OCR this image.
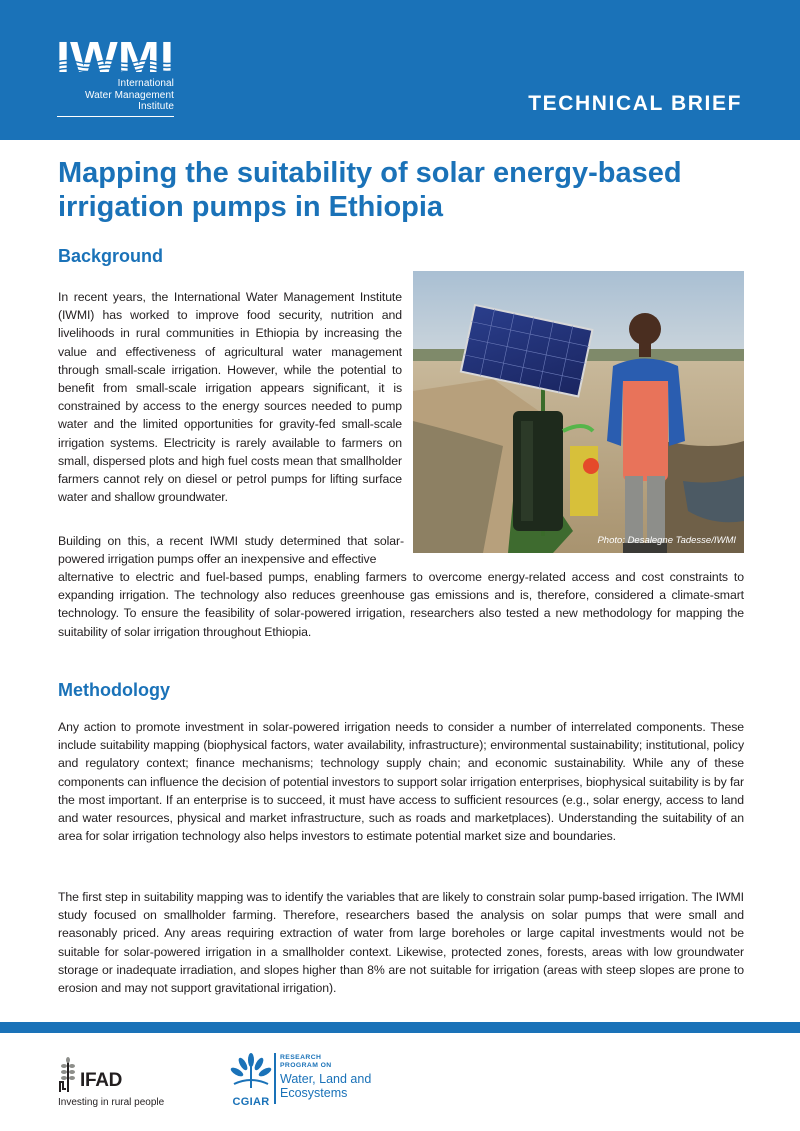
International
Water Management
Institute	TECHNICAL BRIEF
Mapping the suitability of solar energy-based irrigation pumps in Ethiopia
Background

In recent years, the International Water Management Institute (IWMI) has worked to improve food security, nutrition and livelihoods in rural communities in Ethiopia by increasing the value and effectiveness of agricultural water management through small-scale irrigation. However, while the potential to benefit from small-scale irrigation appears significant, it is constrained by access to the energy sources needed to pump water and the limited opportunities for gravity-fed small-scale irrigation systems. Electricity is rarely available to farmers on small, dispersed plots and high fuel costs mean that smallholder farmers cannot rely on diesel or petrol pumps for lifting surface water and shallow groundwater.

Photo: Desalegne Tadesse/IWMI

Building on this, a recent IWMI study determined that solar-powered irrigation pumps offer an inexpensive and effective

alternative to electric and fuel-based pumps, enabling farmers to overcome energy-related access and cost constraints to expanding irrigation. The technology also reduces greenhouse gas emissions and is, therefore, considered a climate-smart technology. To ensure the feasibility of solar-powered irrigation, researchers also tested a new methodology for mapping the suitability of solar irrigation throughout Ethiopia.

Methodology

Any action to promote investment in solar-powered irrigation needs to consider a number of interrelated components. These include suitability mapping (biophysical factors, water availability, infrastructure); environmental sustainability; institutional, policy and regulatory context; finance mechanisms; technology supply chain; and economic sustainability. While any of these components can influence the decision of potential investors to support solar irrigation enterprises, biophysical suitability is by far the most important. If an enterprise is to succeed, it must have access to sufficient resources (e.g., solar energy, access to land and water resources, physical and market infrastructure, such as roads and marketplaces). Understanding the suitability of an area for solar irrigation technology also helps investors to estimate potential market size and boundaries.

The first step in suitability mapping was to identify the variables that are likely to constrain solar pump-based irrigation. The IWMI study focused on smallholder farming. Therefore, researchers based the analysis on solar pumps that were small and reasonably priced. Any areas requiring extraction of water from large boreholes or large capital investments would not be suitable for solar-powered irrigation in a smallholder context. Likewise, protected zones, forests, areas with low groundwater storage or inadequate irradiation, and slopes higher than 8% are not suitable for irrigation (areas with steep slopes are prone to erosion and may not support gravitational irrigation).

IFAD
Investing in rural people	CGIAR
RESEARCH
PROGRAM ON
Water, Land and
Ecosystems
